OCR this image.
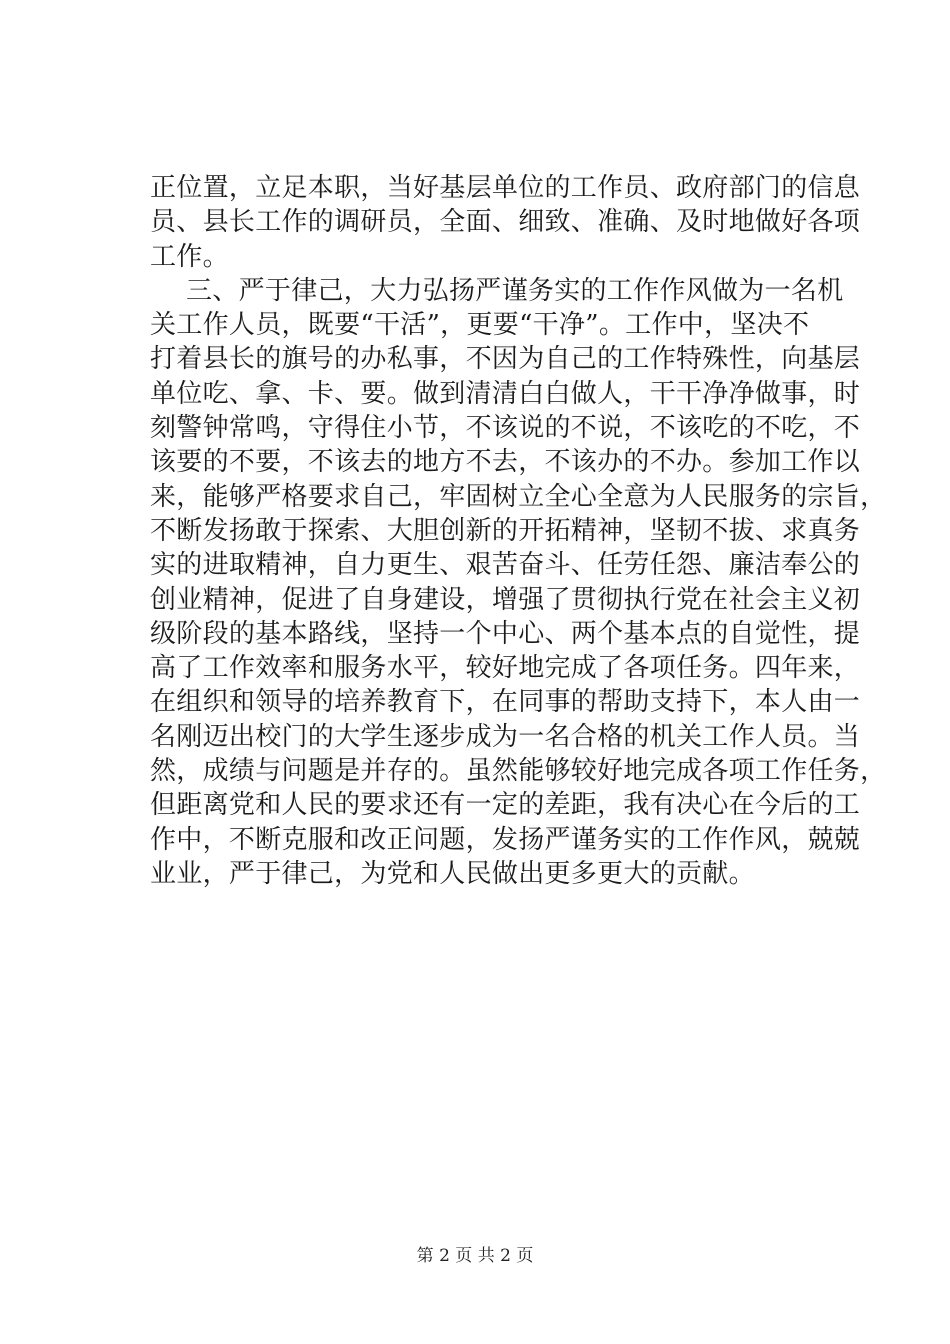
正位置，立足本职，当好基层单位的工作员、政府部门的信息
员、县长工作的调研员，全面、细致、准确、及时地做好各项
工作。
三、严于律己，大力弘扬严谨务实的工作作风做为一名机
关工作人员，既要“干活”，更要“干净”。工作中，坚决不
打着县长的旗号的办私事，不因为自己的工作特殊性，向基层
单位吃、拿、卡、要。做到清清白白做人，干干净净做事，时
刻警钟常鸣，守得住小节，不该说的不说，不该吃的不吃，不
该要的不要，不该去的地方不去，不该办的不办。参加工作以
来，能够严格要求自己，牢固树立全心全意为人民服务的宗旨，
不断发扬敢于探索、大胆创新的开拓精神，坚韧不拔、求真务
实的进取精神，自力更生、艰苦奋斗、任劳任怨、廉洁奉公的
创业精神，促进了自身建设，增强了贯彻执行党在社会主义初
级阶段的基本路线，坚持一个中心、两个基本点的自觉性，提
高了工作效率和服务水平，较好地完成了各项任务。四年来，
在组织和领导的培养教育下，在同事的帮助支持下，本人由一
名刚迈出校门的大学生逐步成为一名合格的机关工作人员。当
然，成绩与问题是并存的。虽然能够较好地完成各项工作任务，
但距离党和人民的要求还有一定的差距，我有决心在今后的工
作中，不断克服和改正问题，发扬严谨务实的工作作风，兢兢
业业，严于律己，为党和人民做出更多更大的贡献。
第 2 页 共 2 页
